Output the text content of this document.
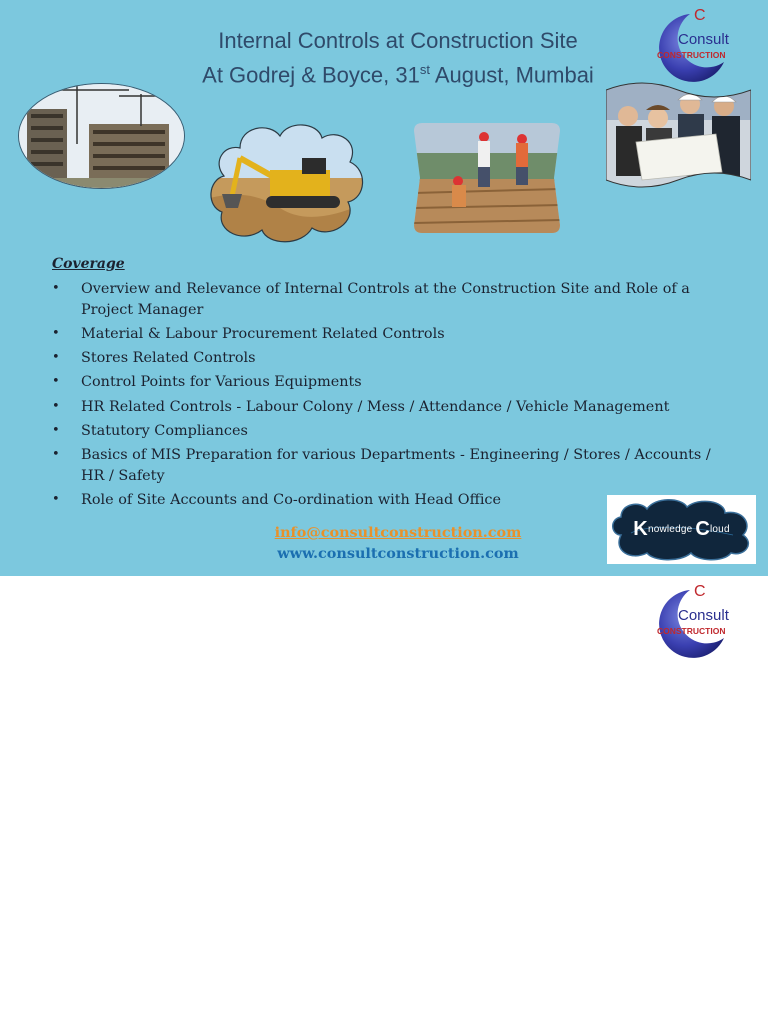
Internal Controls at Construction Site
At Godrej & Boyce, 31st August, Mumbai
C
Consult
CONSTRUCTION
Coverage
• Overview and Relevance of Internal Controls at the Construction Site and Role of a Project Manager
• Material & Labour Procurement Related Controls
• Stores Related Controls
• Control Points for Various Equipments
• HR Related Controls - Labour Colony / Mess / Attendance / Vehicle Management
• Statutory Compliances
• Basics of MIS Preparation for various Departments - Engineering / Stores / Accounts / HR / Safety
• Role of Site Accounts and Co-ordination with Head Office
info@consultconstruction.com
www.consultconstruction.com
K nowledge
C loud
C
Consult
CONSTRUCTION
